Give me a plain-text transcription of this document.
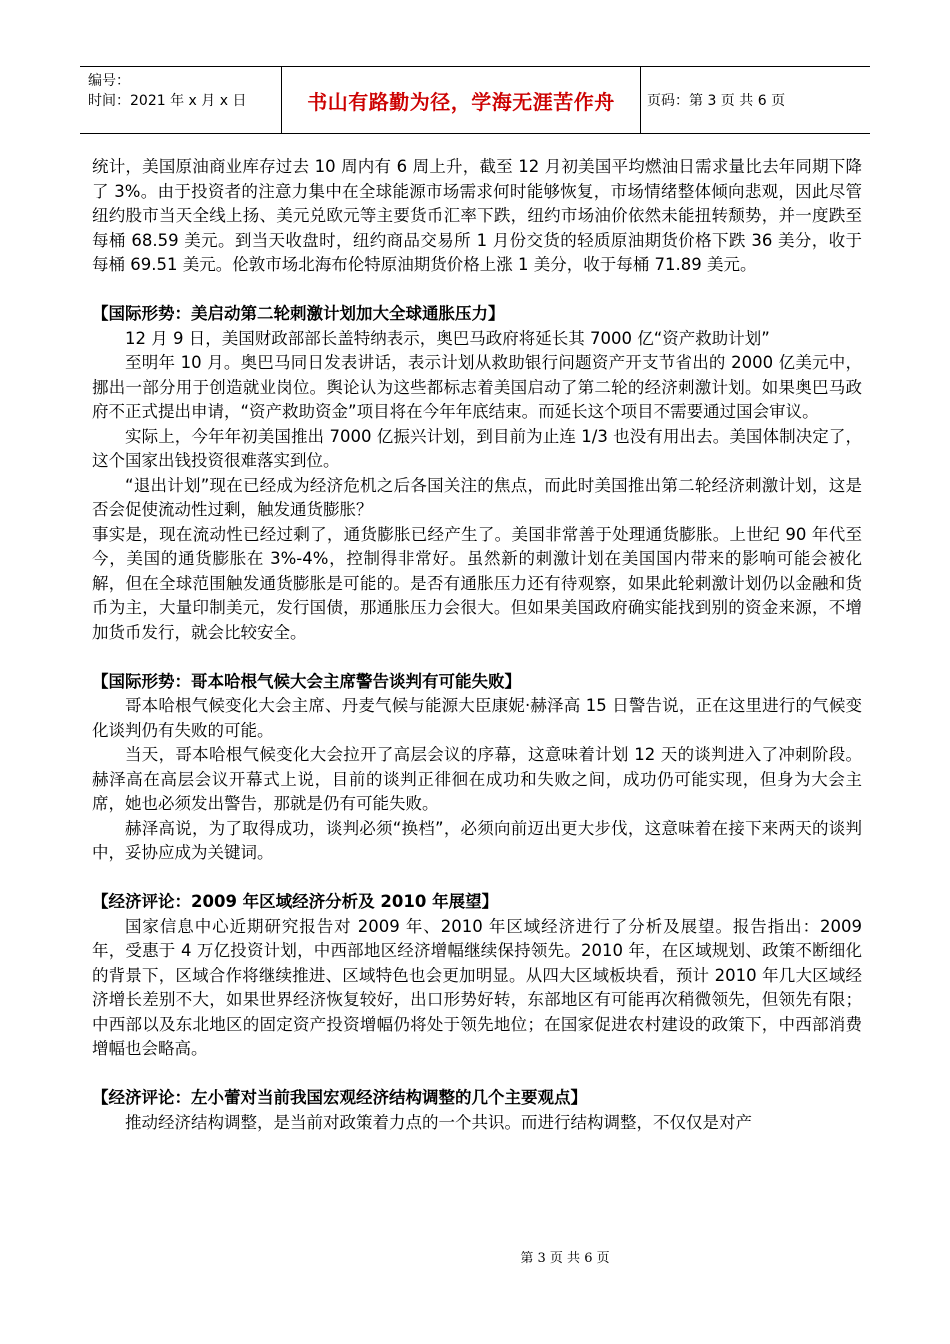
编号：
时间：2021 年 x 月 x 日	书山有路勤为径，学海无涯苦作舟	页码：第 3 页 共 6 页

统计，美国原油商业库存过去 10 周内有 6 周上升，截至 12 月初美国平均燃油日需求量比去年同期下降了 3%。由于投资者的注意力集中在全球能源市场需求何时能够恢复，市场情绪整体倾向悲观，因此尽管纽约股市当天全线上扬、美元兑欧元等主要货币汇率下跌，纽约市场油价依然未能扭转颓势，并一度跌至每桶 68.59 美元。到当天收盘时，纽约商品交易所 1 月份交货的轻质原油期货价格下跌 36 美分，收于每桶 69.51 美元。伦敦市场北海布伦特原油期货价格上涨 1 美分，收于每桶 71.89 美元。

【国际形势：美启动第二轮刺激计划加大全球通胀压力】

12 月 9 日，美国财政部部长盖特纳表示，奥巴马政府将延长其 7000 亿“资产救助计划”

至明年 10 月。奥巴马同日发表讲话，表示计划从救助银行问题资产开支节省出的 2000 亿美元中，挪出一部分用于创造就业岗位。舆论认为这些都标志着美国启动了第二轮的经济刺激计划。如果奥巴马政府不正式提出申请，“资产救助资金”项目将在今年年底结束。而延长这个项目不需要通过国会审议。

实际上，今年年初美国推出 7000 亿振兴计划，到目前为止连 1/3 也没有用出去。美国体制决定了，这个国家出钱投资很难落实到位。

“退出计划”现在已经成为经济危机之后各国关注的焦点，而此时美国推出第二轮经济刺激计划，这是否会促使流动性过剩，触发通货膨胀？

事实是，现在流动性已经过剩了，通货膨胀已经产生了。美国非常善于处理通货膨胀。上世纪 90 年代至今，美国的通货膨胀在 3%-4%，控制得非常好。虽然新的刺激计划在美国国内带来的影响可能会被化解，但在全球范围触发通货膨胀是可能的。是否有通胀压力还有待观察，如果此轮刺激计划仍以金融和货币为主，大量印制美元，发行国债，那通胀压力会很大。但如果美国政府确实能找到别的资金来源，不增加货币发行，就会比较安全。

【国际形势：哥本哈根气候大会主席警告谈判有可能失败】

哥本哈根气候变化大会主席、丹麦气候与能源大臣康妮·赫泽高 15 日警告说，正在这里进行的气候变化谈判仍有失败的可能。

当天，哥本哈根气候变化大会拉开了高层会议的序幕，这意味着计划 12 天的谈判进入了冲刺阶段。赫泽高在高层会议开幕式上说，目前的谈判正徘徊在成功和失败之间，成功仍可能实现，但身为大会主席，她也必须发出警告，那就是仍有可能失败。

赫泽高说，为了取得成功，谈判必须“换档”，必须向前迈出更大步伐，这意味着在接下来两天的谈判中，妥协应成为关键词。

【经济评论：2009 年区域经济分析及 2010 年展望】

国家信息中心近期研究报告对 2009 年、2010 年区域经济进行了分析及展望。报告指出：2009 年，受惠于 4 万亿投资计划，中西部地区经济增幅继续保持领先。2010 年，在区域规划、政策不断细化的背景下，区域合作将继续推进、区域特色也会更加明显。从四大区域板块看，预计 2010 年几大区域经济增长差别不大，如果世界经济恢复较好，出口形势好转，东部地区有可能再次稍微领先，但领先有限；中西部以及东北地区的固定资产投资增幅仍将处于领先地位；在国家促进农村建设的政策下，中西部消费增幅也会略高。

【经济评论：左小蕾对当前我国宏观经济结构调整的几个主要观点】

推动经济结构调整，是当前对政策着力点的一个共识。而进行结构调整，不仅仅是对产

第 3 页 共 6 页
